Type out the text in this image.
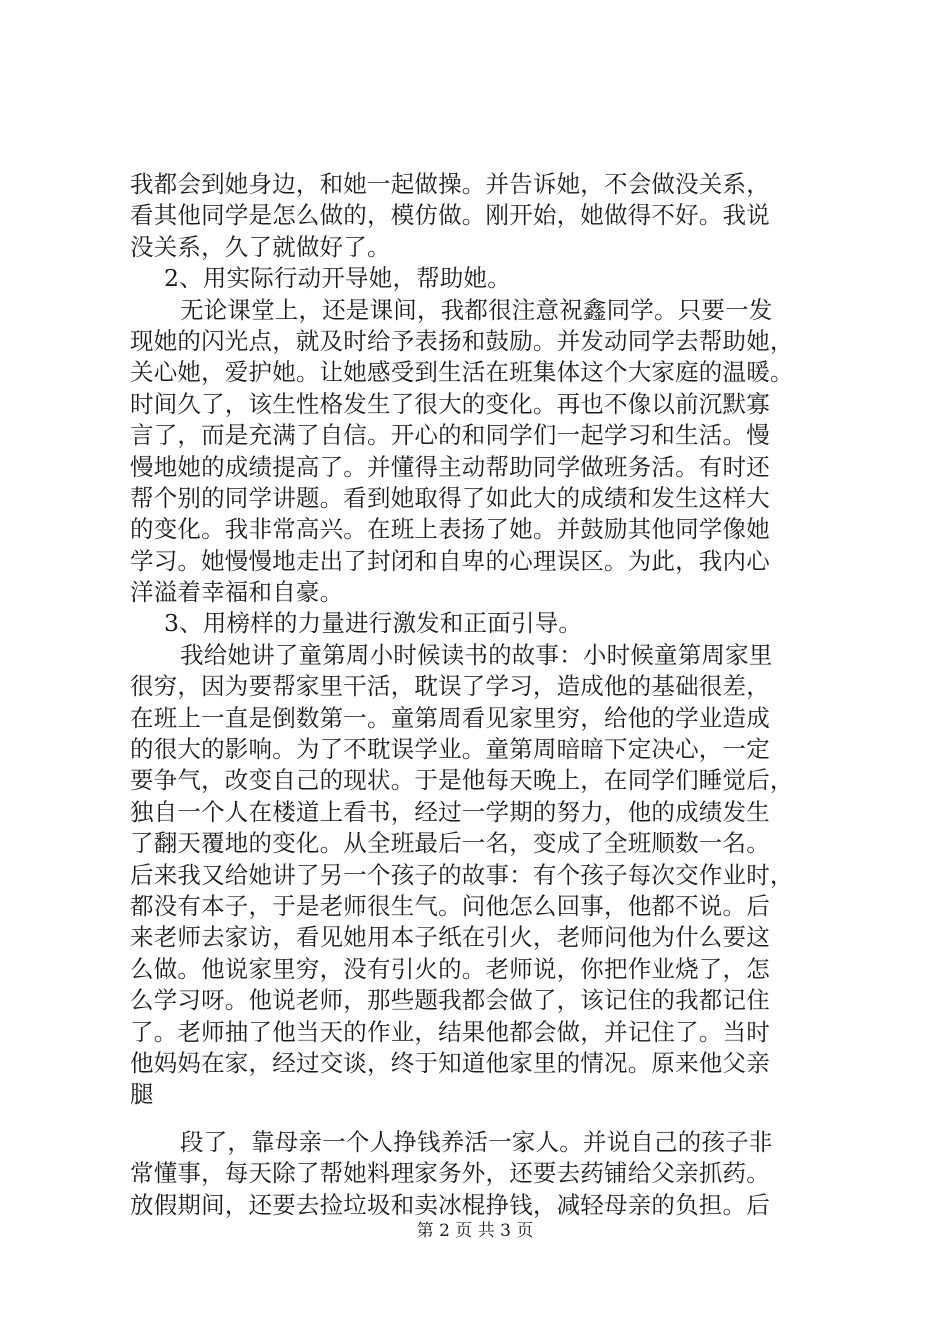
我都会到她身边，和她一起做操。并告诉她，不会做没关系，
看其他同学是怎么做的，模仿做。刚开始，她做得不好。我说
没关系，久了就做好了。
2、用实际行动开导她，帮助她。
无论课堂上，还是课间，我都很注意祝鑫同学。只要一发
现她的闪光点，就及时给予表扬和鼓励。并发动同学去帮助她，
关心她，爱护她。让她感受到生活在班集体这个大家庭的温暖。
时间久了，该生性格发生了很大的变化。再也不像以前沉默寡
言了，而是充满了自信。开心的和同学们一起学习和生活。慢
慢地她的成绩提高了。并懂得主动帮助同学做班务活。有时还
帮个别的同学讲题。看到她取得了如此大的成绩和发生这样大
的变化。我非常高兴。在班上表扬了她。并鼓励其他同学像她
学习。她慢慢地走出了封闭和自卑的心理误区。为此，我内心
洋溢着幸福和自豪。
3、用榜样的力量进行激发和正面引导。
我给她讲了童第周小时候读书的故事：小时候童第周家里
很穷，因为要帮家里干活，耽误了学习，造成他的基础很差，
在班上一直是倒数第一。童第周看见家里穷，给他的学业造成
的很大的影响。为了不耽误学业。童第周暗暗下定决心，一定
要争气，改变自己的现状。于是他每天晚上，在同学们睡觉后，
独自一个人在楼道上看书，经过一学期的努力，他的成绩发生
了翻天覆地的变化。从全班最后一名，变成了全班顺数一名。
后来我又给她讲了另一个孩子的故事：有个孩子每次交作业时，
都没有本子，于是老师很生气。问他怎么回事，他都不说。后
来老师去家访，看见她用本子纸在引火，老师问他为什么要这
么做。他说家里穷，没有引火的。老师说，你把作业烧了，怎
么学习呀。他说老师，那些题我都会做了，该记住的我都记住
了。老师抽了他当天的作业，结果他都会做，并记住了。当时
他妈妈在家，经过交谈，终于知道他家里的情况。原来他父亲
腿
段了，靠母亲一个人挣钱养活一家人。并说自己的孩子非
常懂事，每天除了帮她料理家务外，还要去药铺给父亲抓药。
放假期间，还要去捡垃圾和卖冰棍挣钱，减轻母亲的负担。后
第 2 页 共 3 页
